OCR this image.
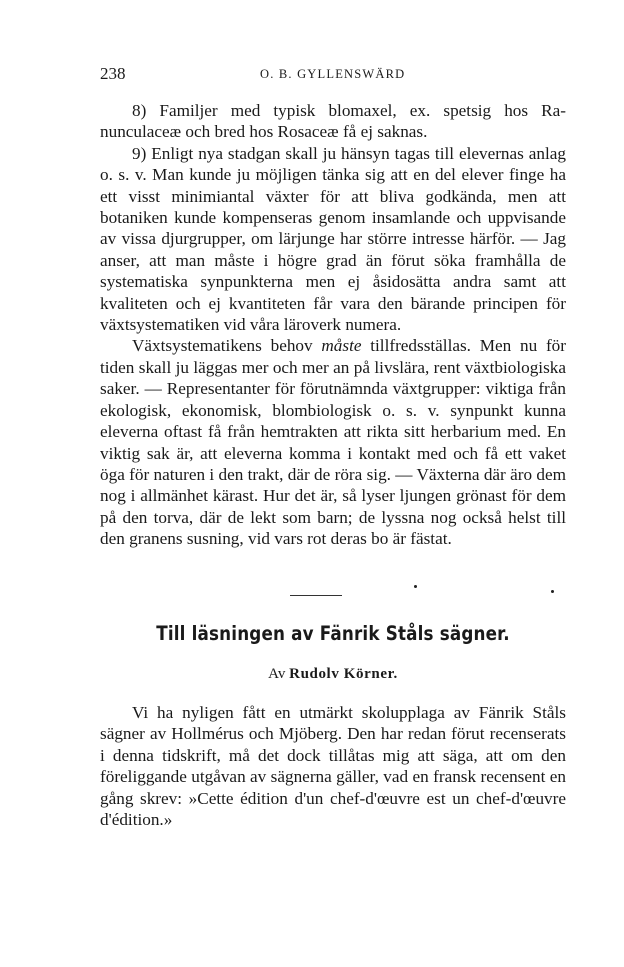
238	O. B. GYLLENSWÄRD

8) Familjer med typisk blomaxel, ex. spetsig hos Ranunculaceæ och bred hos Rosaceæ få ej saknas.

9) Enligt nya stadgan skall ju hänsyn tagas till elevernas anlag o. s. v. Man kunde ju möjligen tänka sig att en del elever finge ha ett visst minimiantal växter för att bliva godkända, men att botaniken kunde kompenseras genom insamlande och uppvisande av vissa djurgrupper, om lärjunge har större intresse härför. — Jag anser, att man måste i högre grad än förut söka framhålla de systematiska synpunkterna men ej åsidosätta andra samt att kvaliteten och ej kvantiteten får vara den bärande principen för växtsystematiken vid våra läroverk numera.

Växtsystematikens behov måste tillfredsställas. Men nu för tiden skall ju läggas mer och mer an på livslära, rent växtbiologiska saker. — Representanter för förutnämnda växtgrupper: viktiga från ekologisk, ekonomisk, blombiologisk o. s. v. synpunkt kunna eleverna oftast få från hemtrakten att rikta sitt herbarium med. En viktig sak är, att eleverna komma i kontakt med och få ett vaket öga för naturen i den trakt, där de röra sig. — Växterna där äro dem nog i allmänhet kärast. Hur det är, så lyser ljungen grönast för dem på den torva, där de lekt som barn; de lyssna nog också helst till den granens susning, vid vars rot deras bo är fästat.

Till läsningen av Fänrik Ståls sägner.
Av Rudolv Körner.

Vi ha nyligen fått en utmärkt skolupplaga av Fänrik Ståls sägner av Hollmérus och Mjöberg. Den har redan förut recenserats i denna tidskrift, må det dock tillåtas mig att säga, att om den föreliggande utgåvan av sägnerna gäller, vad en fransk recensent en gång skrev: »Cette édition d'un chef-d'œuvre est un chef-d'œuvre d'édition.»
